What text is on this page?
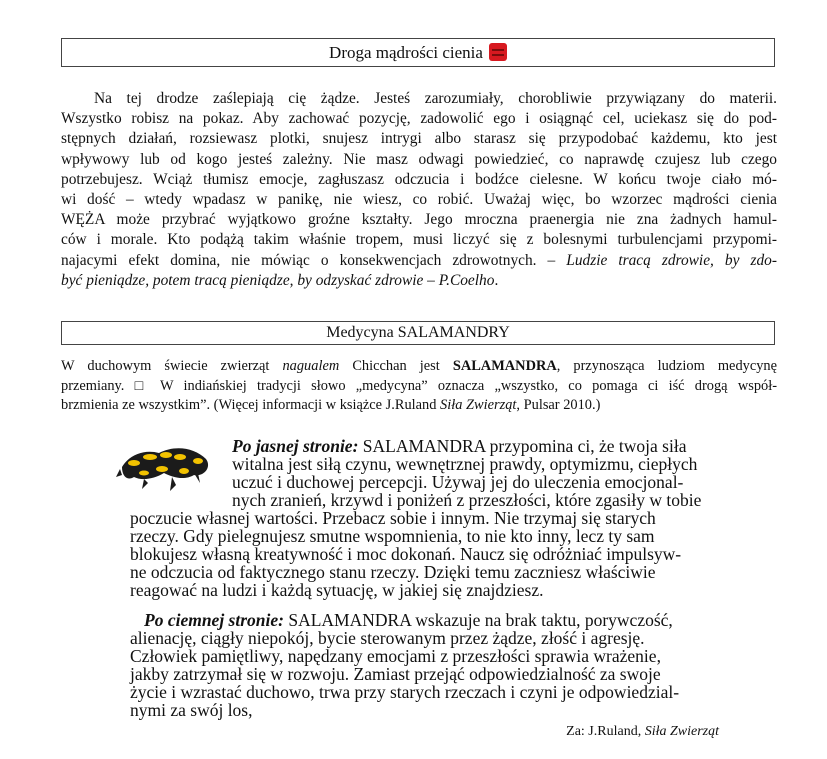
Droga mądrości cienia
Na tej drodze zaślepiają cię żądze. Jesteś zarozumiały, chorobliwie przywiązany do materii.
Wszystko robisz na pokaz. Aby zachować pozycję, zadowolić ego i osiągnąć cel, uciekasz się do pod-
stępnych działań, rozsiewasz plotki, snujesz intrygi albo starasz się przypodobać każdemu, kto jest
wpływowy lub od kogo jesteś zależny. Nie masz odwagi powiedzieć, co naprawdę czujesz lub czego
potrzebujesz. Wciąż tłumisz emocje, zagłuszasz odczucia i bodźce cielesne. W końcu twoje ciało mó-
wi dość – wtedy wpadasz w panikę, nie wiesz, co robić. Uważaj więc, bo wzorzec mądrości cienia
WĘŻA może przybrać wyjątkowo groźne kształty. Jego mroczna praenergia nie zna żadnych hamul-
ców i morale. Kto podążą takim właśnie tropem, musi liczyć się z bolesnymi turbulencjami przypomi-
najacymi efekt domina, nie mówiąc o konsekwencjach zdrowotnych. – Ludzie tracą zdrowie, by zdo-
być pieniądze, potem tracą pieniądze, by odzyskać zdrowie – P.Coelho.
Medycyna SALAMANDRY
W duchowym świecie zwierząt nagualem Chicchan jest SALAMANDRA, przynosząca ludziom medycynę
przemiany. □ W indiańskiej tradycji słowo „medycyna” oznacza „wszystko, co pomaga ci iść drogą współ-
brzmienia ze wszystkim”. (Więcej informacji w książce J.Ruland Siła Zwierząt, Pulsar 2010.)
Po jasnej stronie: SALAMANDRA przypomina ci, że twoja siła
witalna jest siłą czynu, wewnętrznej prawdy, optymizmu, ciepłych
uczuć i duchowej percepcji. Używaj jej do uleczenia emocjonal-
nych zranień, krzywd i poniżeń z przeszłości, które zgasiły w tobie
poczucie własnej wartości. Przebacz sobie i innym. Nie trzymaj się starych
rzeczy. Gdy pielegnujesz smutne wspomnienia, to nie kto inny, lecz ty sam
blokujesz własną kreatywność i moc dokonań. Naucz się odróżniać impulsyw-
ne odczucia od faktycznego stanu rzeczy. Dzięki temu zaczniesz właściwie
reagować na ludzi i każdą sytuację, w jakiej się znajdziesz.
Po ciemnej stronie: SALAMANDRA wskazuje na brak taktu, porywczość,
alienację, ciągły niepokój, bycie sterowanym przez żądze, złość i agresję.
Człowiek pamiętliwy, napędzany emocjami z przeszłości sprawia wrażenie,
jakby zatrzymał się w rozwoju. Zamiast przejąć odpowiedzialność za swoje
życie i wzrastać duchowo, trwa przy starych rzeczach i czyni je odpowiedzial-
nymi za swój los,
Za: J.Ruland, Siła Zwierząt
